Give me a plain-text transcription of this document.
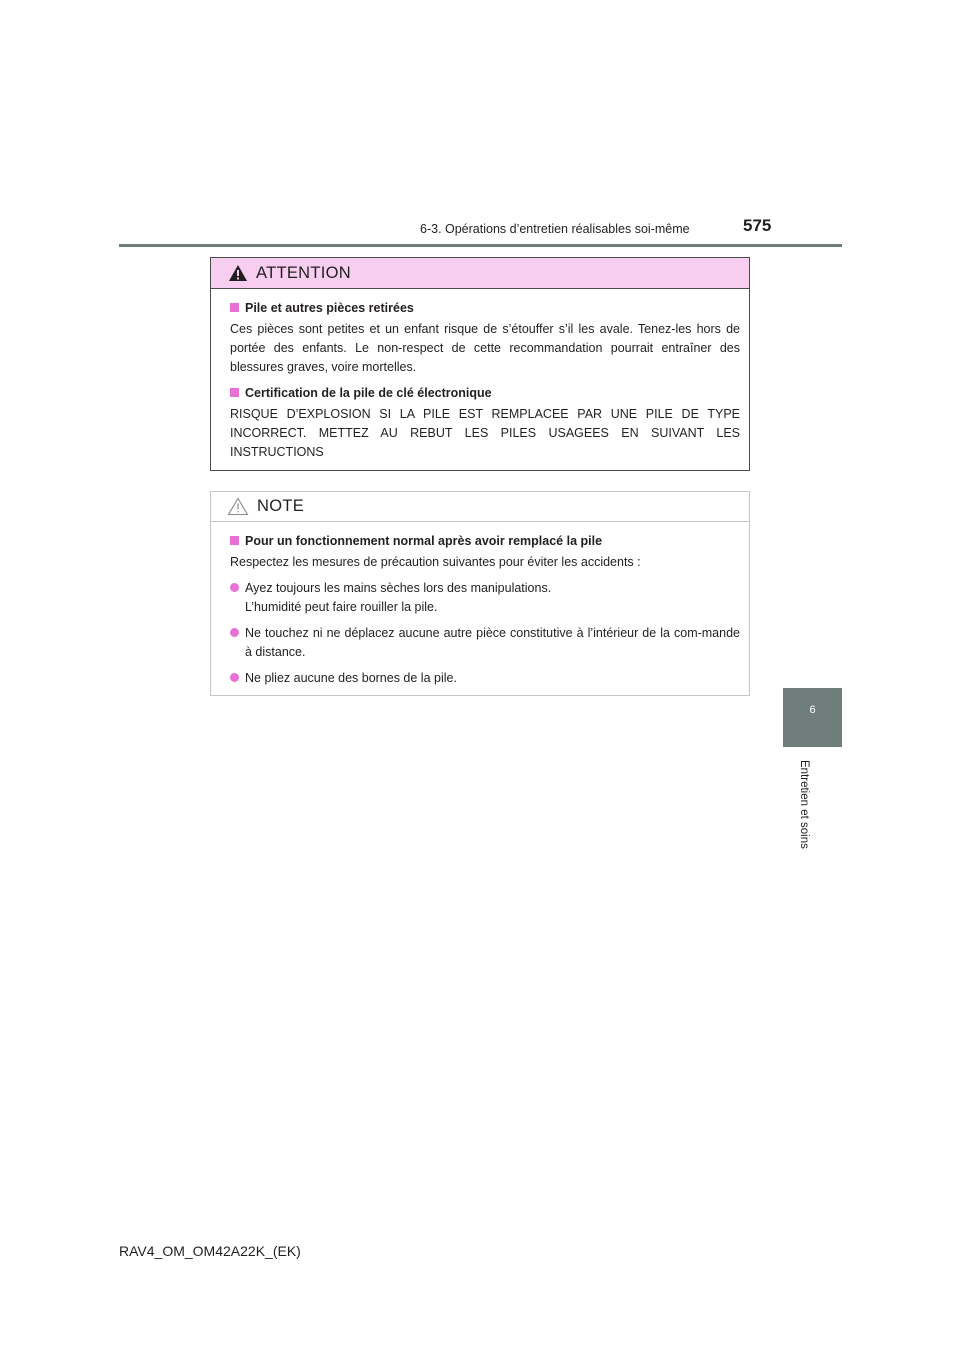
6-3. Opérations d’entretien réalisables soi-même	575
6
Entretien et soins
ATTENTION
Pile et autres pièces retirées
Ces pièces sont petites et un enfant risque de s’étouffer s’il les avale. Tenez-les hors de portée des enfants. Le non-respect de cette recommandation pourrait entraîner des blessures graves, voire mortelles.
Certification de la pile de clé électronique
RISQUE D’EXPLOSION SI LA PILE EST REMPLACEE PAR UNE PILE DE TYPE INCORRECT. METTEZ AU REBUT LES PILES USAGEES EN SUIVANT LES INSTRUCTIONS
NOTE
Pour un fonctionnement normal après avoir remplacé la pile
Respectez les mesures de précaution suivantes pour éviter les accidents :
Ayez toujours les mains sèches lors des manipulations.
L’humidité peut faire rouiller la pile.
Ne touchez ni ne déplacez aucune autre pièce constitutive à l’intérieur de la com-mande à distance.
Ne pliez aucune des bornes de la pile.
RAV4_OM_OM42A22K_(EK)
